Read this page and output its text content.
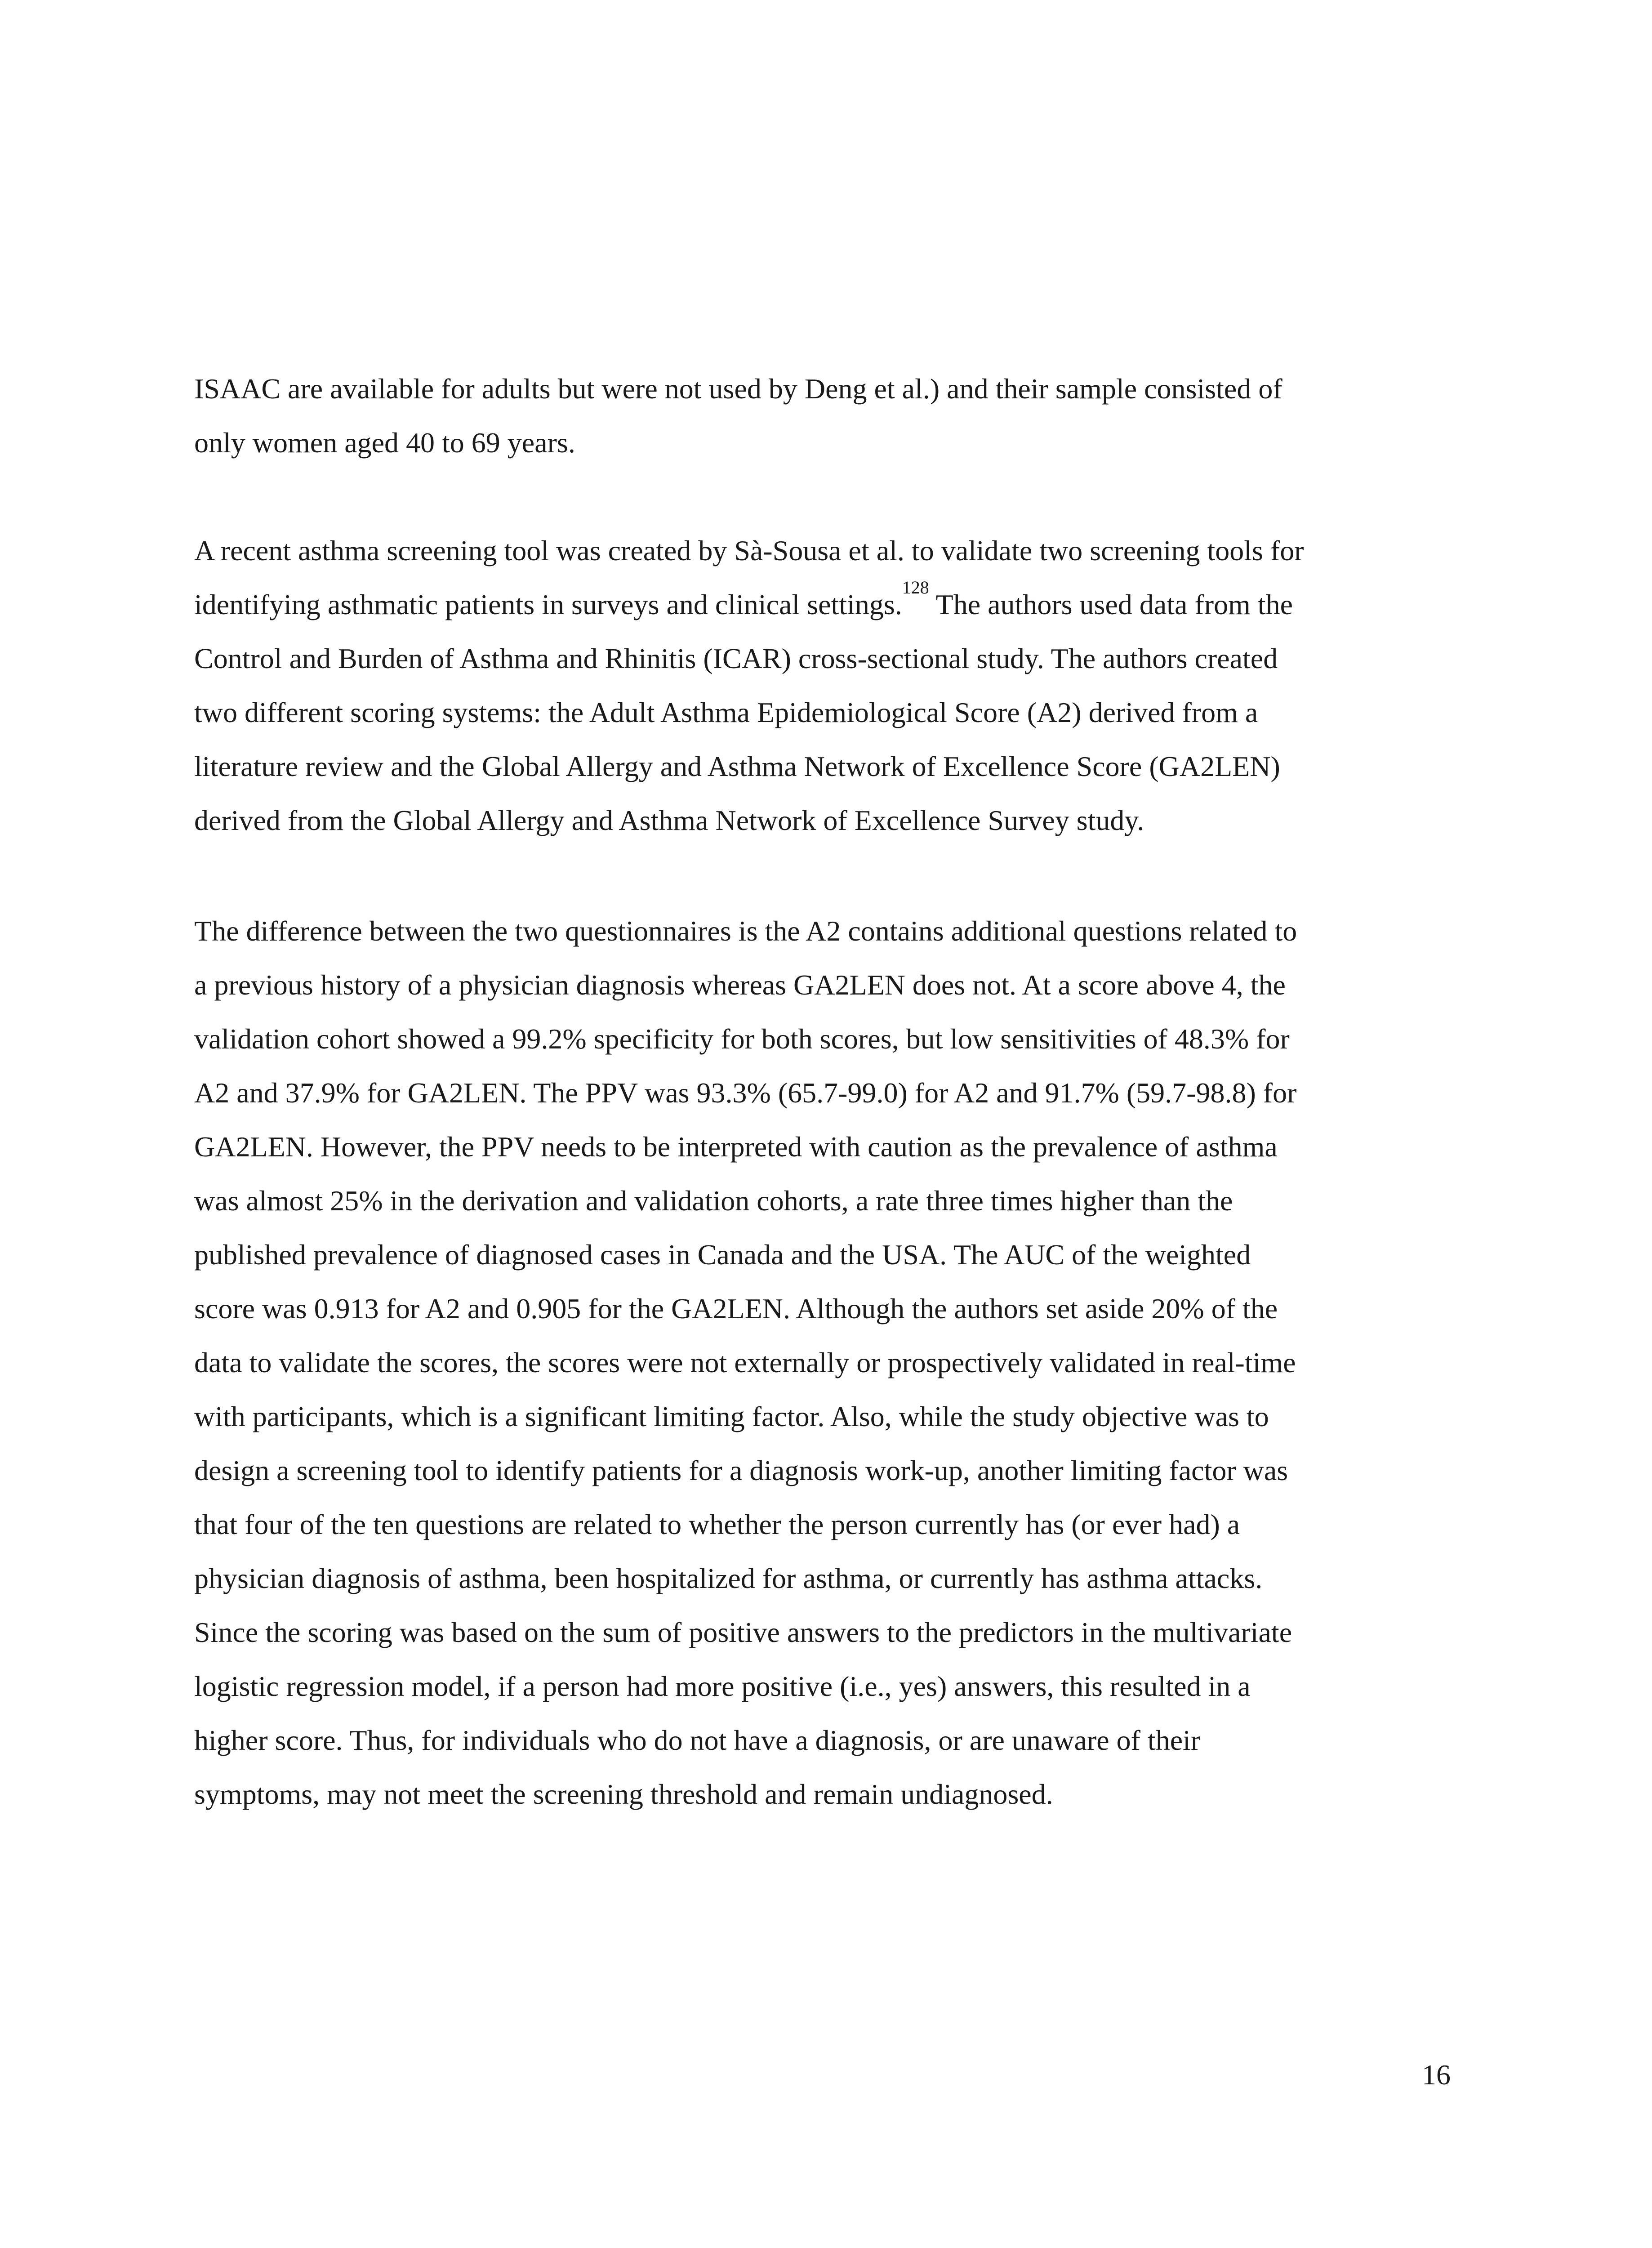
ISAAC are available for adults but were not used by Deng et al.) and their sample consisted of
only women aged 40 to 69 years.

A recent asthma screening tool was created by Sà-Sousa et al. to validate two screening tools for
identifying asthmatic patients in surveys and clinical settings.$^{128}$ The authors used data from the
Control and Burden of Asthma and Rhinitis (ICAR) cross-sectional study. The authors created
two different scoring systems: the Adult Asthma Epidemiological Score (A2) derived from a
literature review and the Global Allergy and Asthma Network of Excellence Score (GA2LEN)
derived from the Global Allergy and Asthma Network of Excellence Survey study.

The difference between the two questionnaires is the A2 contains additional questions related to
a previous history of a physician diagnosis whereas GA2LEN does not. At a score above 4, the
validation cohort showed a 99.2% specificity for both scores, but low sensitivities of 48.3% for
A2 and 37.9% for GA2LEN. The PPV was 93.3% (65.7-99.0) for A2 and 91.7% (59.7-98.8) for
GA2LEN. However, the PPV needs to be interpreted with caution as the prevalence of asthma
was almost 25% in the derivation and validation cohorts, a rate three times higher than the
published prevalence of diagnosed cases in Canada and the USA. The AUC of the weighted
score was 0.913 for A2 and 0.905 for the GA2LEN. Although the authors set aside 20% of the
data to validate the scores, the scores were not externally or prospectively validated in real-time
with participants, which is a significant limiting factor. Also, while the study objective was to
design a screening tool to identify patients for a diagnosis work-up, another limiting factor was
that four of the ten questions are related to whether the person currently has (or ever had) a
physician diagnosis of asthma, been hospitalized for asthma, or currently has asthma attacks.
Since the scoring was based on the sum of positive answers to the predictors in the multivariate
logistic regression model, if a person had more positive (i.e., yes) answers, this resulted in a
higher score. Thus, for individuals who do not have a diagnosis, or are unaware of their
symptoms, may not meet the screening threshold and remain undiagnosed.

16
